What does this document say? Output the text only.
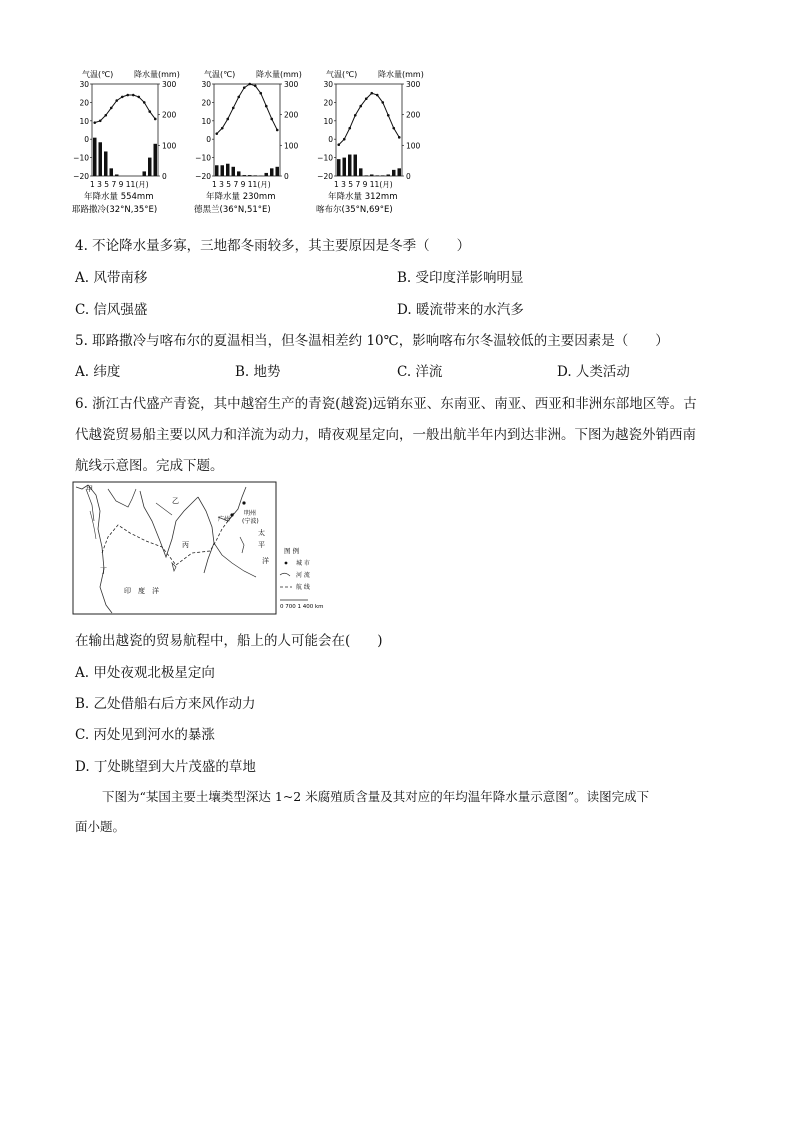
气温(℃)	降水量(mm)
30
20
10
0
−10
−20
300
200
100
0
1 3 5 7 9 11(月)
年降水量 554mm
耶路撒冷(32°N,35°E)
气温(℃)	降水量(mm)
30
20
10
0
−10
−20
300
200
100
0
1 3 5 7 9 11(月)
年降水量 230mm
德黑兰(36°N,51°E)
气温(℃)	降水量(mm)
30
20
10
0
−10
−20
300
200
100
0
1 3 5 7 9 11(月)
年降水量 312mm
喀布尔(35°N,69°E)
4. 不论降水量多寡，三地都冬雨较多，其主要原因是冬季（　　）
A. 风带南移	B. 受印度洋影响明显
C. 信风强盛	D. 暖流带来的水汽多
5. 耶路撒冷与喀布尔的夏温相当，但冬温相差约 10℃，影响喀布尔冬温较低的主要因素是（　　）
A. 纬度	B. 地势	C. 洋流	D. 人类活动
6. 浙江古代盛产青瓷，其中越窑生产的青瓷(越瓷)远销东亚、东南亚、南亚、西亚和非洲东部地区等。古
代越瓷贸易船主要以风力和洋流为动力，晴夜观星定向，一般出航半年内到达非洲。下图为越瓷外销西南
航线示意图。完成下题。
甲
乙
丙
丁
广州
明州
(宁波)
太
平
洋
印　度　洋
图 例
城 市
河 流
航 线
0 700 1 400 km
在输出越瓷的贸易航程中，船上的人可能会在(　　)
A. 甲处夜观北极星定向
B. 乙处借船右后方来风作动力
C. 丙处见到河水的暴涨
D. 丁处眺望到大片茂盛的草地
下图为“某国主要土壤类型深达 1~2 米腐殖质含量及其对应的年均温年降水量示意图”。读图完成下
面小题。
